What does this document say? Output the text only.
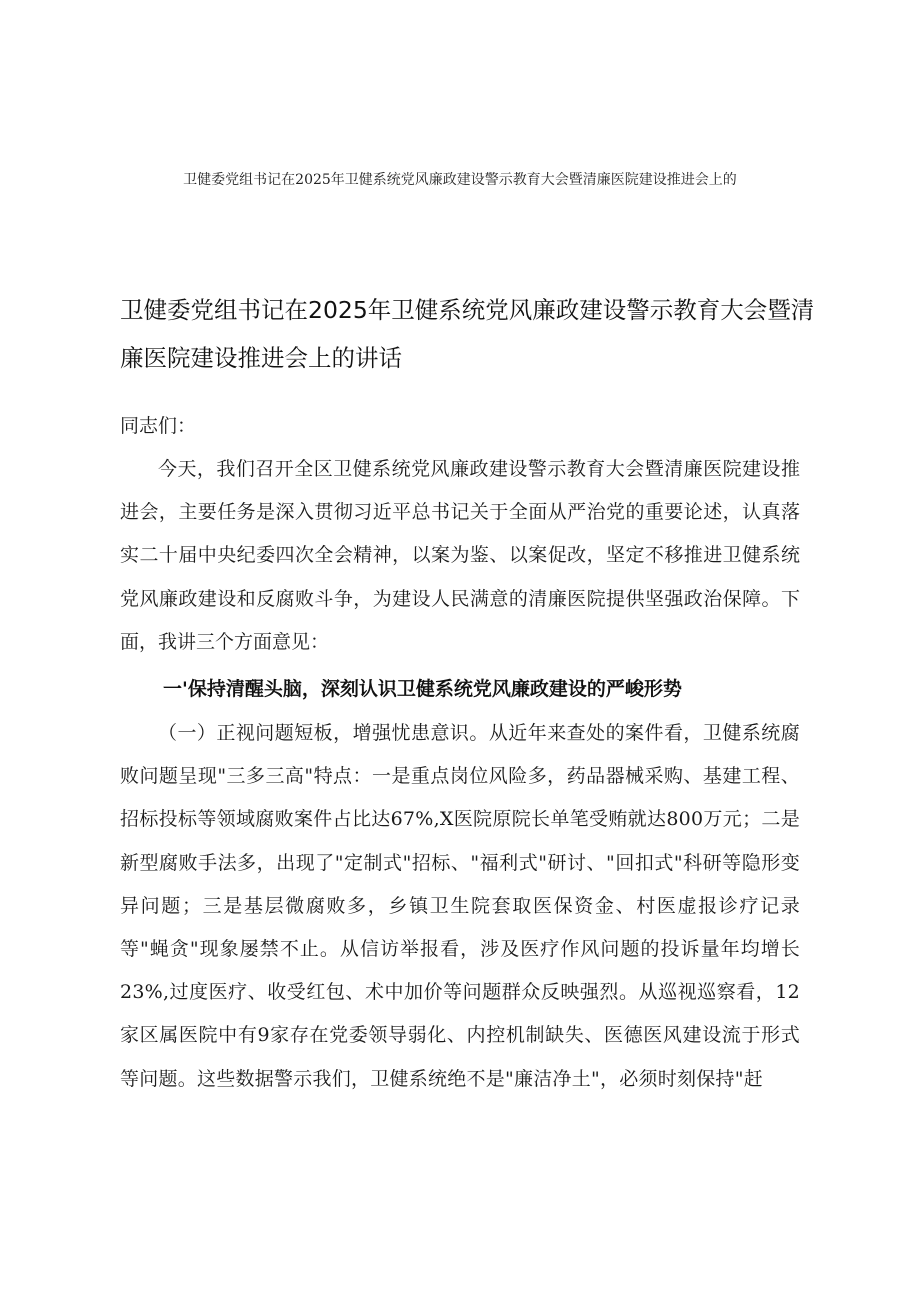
卫健委党组书记在2025年卫健系统党风廉政建设警示教育大会暨清廉医院建设推进会上的
卫健委党组书记在2025年卫健系统党风廉政建设警示教育大会暨清廉医院建设推进会上的讲话
同志们：

今天，我们召开全区卫健系统党风廉政建设警示教育大会暨清廉医院建设推进会，主要任务是深入贯彻习近平总书记关于全面从严治党的重要论述，认真落实二十届中央纪委四次全会精神，以案为鉴、以案促改，坚定不移推进卫健系统党风廉政建设和反腐败斗争，为建设人民满意的清廉医院提供坚强政治保障。下面，我讲三个方面意见：

一'保持清醒头脑，深刻认识卫健系统党风廉政建设的严峻形势

（一）正视问题短板，增强忧患意识。从近年来查处的案件看，卫健系统腐败问题呈现"三多三高"特点：一是重点岗位风险多，药品器械采购、基建工程、招标投标等领域腐败案件占比达67%,X医院原院长单笔受贿就达800万元；二是新型腐败手法多，出现了"定制式"招标、"福利式"研讨、"回扣式"科研等隐形变异问题；三是基层微腐败多，乡镇卫生院套取医保资金、村医虚报诊疗记录等"蝇贪"现象屡禁不止。从信访举报看，涉及医疗作风问题的投诉量年均增长23%,过度医疗、收受红包、术中加价等问题群众反映强烈。从巡视巡察看，12家区属医院中有9家存在党委领导弱化、内控机制缺失、医德医风建设流于形式等问题。这些数据警示我们，卫健系统绝不是"廉洁净土"，必须时刻保持"赶
